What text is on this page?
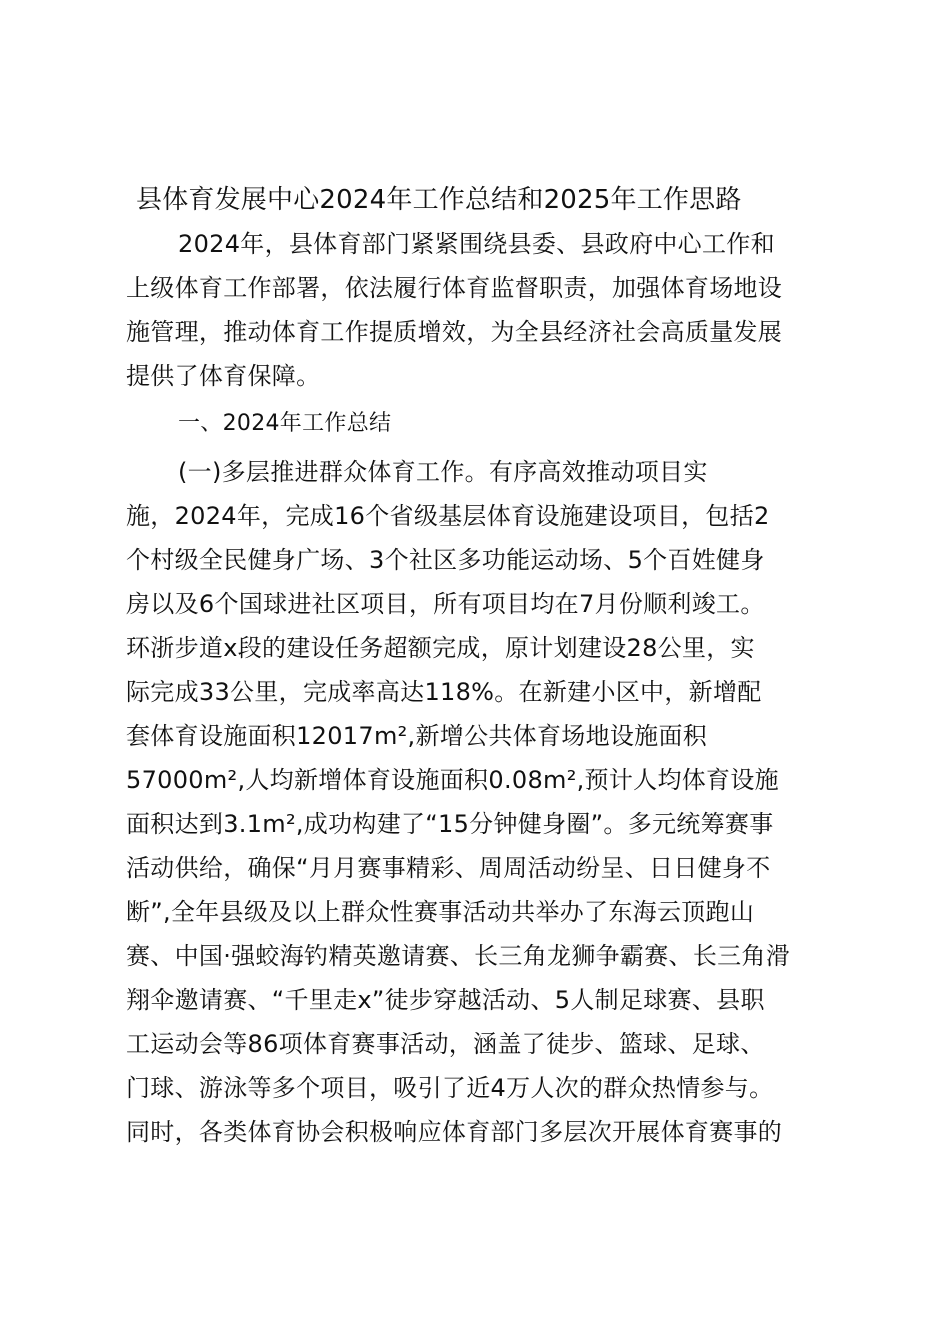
县体育发展中心2024年工作总结和2025年工作思路
2024年，县体育部门紧紧围绕县委、县政府中心工作和
上级体育工作部署，依法履行体育监督职责，加强体育场地设
施管理，推动体育工作提质增效，为全县经济社会高质量发展
提供了体育保障。
一、2024年工作总结
(一)多层推进群众体育工作。有序高效推动项目实
施，2024年，完成16个省级基层体育设施建设项目，包括2
个村级全民健身广场、3个社区多功能运动场、5个百姓健身
房以及6个国球进社区项目，所有项目均在7月份顺利竣工。
环浙步道x段的建设任务超额完成，原计划建设28公里，实
际完成33公里，完成率高达118%。在新建小区中，新增配
套体育设施面积12017m²,新增公共体育场地设施面积
57000m²,人均新增体育设施面积0.08m²,预计人均体育设施
面积达到3.1m²,成功构建了“15分钟健身圈”。多元统筹赛事
活动供给，确保“月月赛事精彩、周周活动纷呈、日日健身不
断”,全年县级及以上群众性赛事活动共举办了东海云顶跑山
赛、中国·强蛟海钓精英邀请赛、长三角龙狮争霸赛、长三角滑
翔伞邀请赛、“千里走x”徒步穿越活动、5人制足球赛、县职
工运动会等86项体育赛事活动，涵盖了徒步、篮球、足球、
门球、游泳等多个项目，吸引了近4万人次的群众热情参与。
同时，各类体育协会积极响应体育部门多层次开展体育赛事的
